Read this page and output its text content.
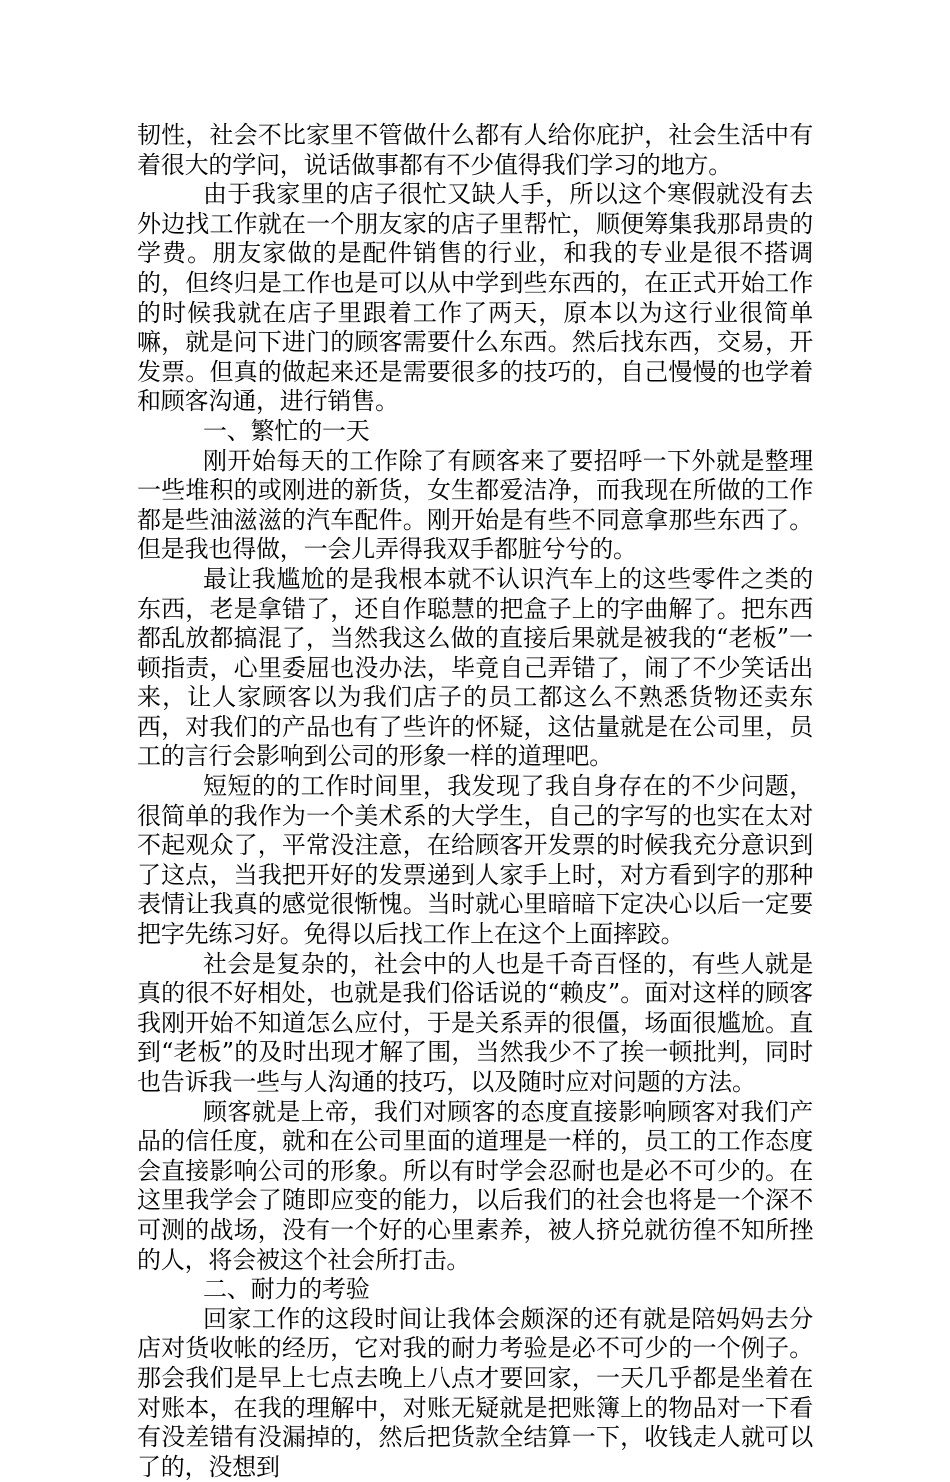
韧性，社会不比家里不管做什么都有人给你庇护，社会生活中有着很大的学问，说话做事都有不少值得我们学习的地方。

由于我家里的店子很忙又缺人手，所以这个寒假就没有去外边找工作就在一个朋友家的店子里帮忙，顺便筹集我那昂贵的学费。朋友家做的是配件销售的行业，和我的专业是很不搭调的，但终归是工作也是可以从中学到些东西的，在正式开始工作的时候我就在店子里跟着工作了两天，原本以为这行业很简单嘛，就是问下进门的顾客需要什么东西。然后找东西，交易，开发票。但真的做起来还是需要很多的技巧的，自己慢慢的也学着和顾客沟通，进行销售。

一、繁忙的一天

刚开始每天的工作除了有顾客来了要招呼一下外就是整理一些堆积的或刚进的新货，女生都爱洁净，而我现在所做的工作都是些油滋滋的汽车配件。刚开始是有些不同意拿那些东西了。但是我也得做，一会儿弄得我双手都脏兮兮的。

最让我尴尬的是我根本就不认识汽车上的这些零件之类的东西，老是拿错了，还自作聪慧的把盒子上的字曲解了。把东西都乱放都搞混了，当然我这么做的直接后果就是被我的“老板”一顿指责，心里委屈也没办法，毕竟自己弄错了，闹了不少笑话出来，让人家顾客以为我们店子的员工都这么不熟悉货物还卖东西，对我们的产品也有了些许的怀疑，这估量就是在公司里，员工的言行会影响到公司的形象一样的道理吧。

短短的的工作时间里，我发现了我自身存在的不少问题，很简单的我作为一个美术系的大学生，自己的字写的也实在太对不起观众了，平常没注意，在给顾客开发票的时候我充分意识到了这点，当我把开好的发票递到人家手上时，对方看到字的那种表情让我真的感觉很惭愧。当时就心里暗暗下定决心以后一定要把字先练习好。免得以后找工作上在这个上面摔跤。

社会是复杂的，社会中的人也是千奇百怪的，有些人就是真的很不好相处，也就是我们俗话说的“赖皮”。面对这样的顾客我刚开始不知道怎么应付，于是关系弄的很僵，场面很尴尬。直到“老板”的及时出现才解了围，当然我少不了挨一顿批判，同时也告诉我一些与人沟通的技巧，以及随时应对问题的方法。

顾客就是上帝，我们对顾客的态度直接影响顾客对我们产品的信任度，就和在公司里面的道理是一样的，员工的工作态度会直接影响公司的形象。所以有时学会忍耐也是必不可少的。在这里我学会了随即应变的能力，以后我们的社会也将是一个深不可测的战场，没有一个好的心里素养，被人挤兑就彷徨不知所挫的人，将会被这个社会所打击。

二、耐力的考验

回家工作的这段时间让我体会颇深的还有就是陪妈妈去分店对货收帐的经历，它对我的耐力考验是必不可少的一个例子。那会我们是早上七点去晚上八点才要回家，一天几乎都是坐着在对账本，在我的理解中，对账无疑就是把账簿上的物品对一下看有没差错有没漏掉的，然后把货款全结算一下，收钱走人就可以了的，没想到
